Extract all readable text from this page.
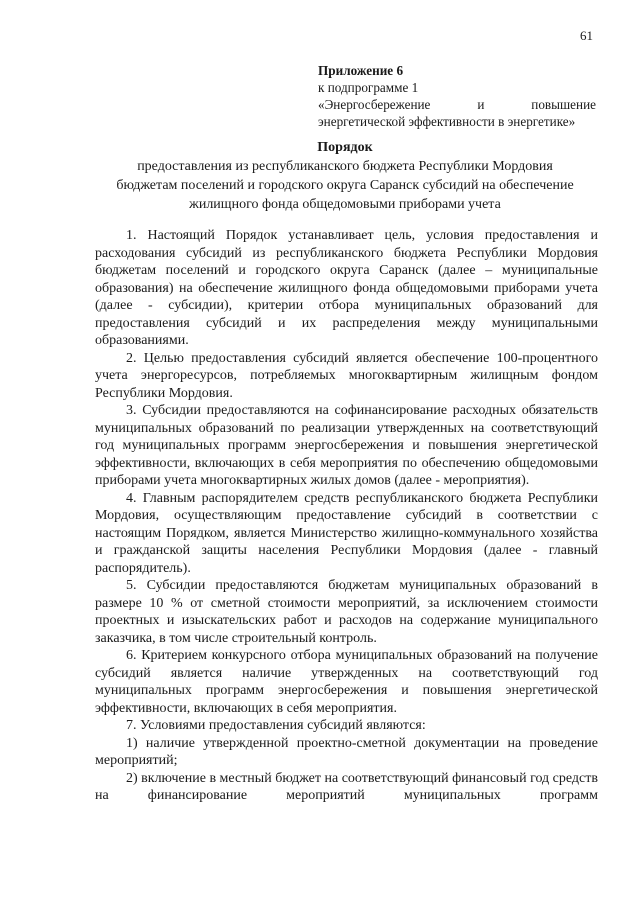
61
Приложение 6
к подпрограмме 1
«Энергосбережение и повышение
энергетической эффективности в энергетике»
Порядок
предоставления из республиканского бюджета Республики Мордовия
бюджетам поселений и городского округа Саранск субсидий на обеспечение
жилищного фонда общедомовыми приборами учета

1. Настоящий Порядок устанавливает цель, условия предоставления и расходования субсидий из республиканского бюджета Республики Мордовия бюджетам поселений и городского округа Саранск (далее – муниципальные образования) на обеспечение жилищного фонда общедомовыми приборами учета (далее - субсидии), критерии отбора муниципальных образований для предоставления субсидий и их распределения между муниципальными образованиями.

2. Целью предоставления субсидий является обеспечение 100-процентного учета энергоресурсов, потребляемых многоквартирным жилищным фондом Республики Мордовия.

3. Субсидии предоставляются на софинансирование расходных обязательств муниципальных образований по реализации утвержденных на соответствующий год муниципальных программ энергосбережения и повышения энергетической эффективности, включающих в себя мероприятия по обеспечению общедомовыми приборами учета многоквартирных жилых домов (далее - мероприятия).

4. Главным распорядителем средств республиканского бюджета Республики Мордовия, осуществляющим предоставление субсидий в соответствии с настоящим Порядком, является Министерство жилищно-коммунального хозяйства и гражданской защиты населения Республики Мордовия (далее - главный распорядитель).

5. Субсидии предоставляются бюджетам муниципальных образований в размере 10 % от сметной стоимости мероприятий, за исключением стоимости проектных и изыскательских работ и расходов на содержание муниципального заказчика, в том числе строительный контроль.

6. Критерием конкурсного отбора муниципальных образований на получение субсидий является наличие утвержденных на соответствующий год муниципальных программ энергосбережения и повышения энергетической эффективности, включающих в себя мероприятия.

7. Условиями предоставления субсидий являются:

1) наличие утвержденной проектно-сметной документации на проведение мероприятий;

2) включение в местный бюджет на соответствующий финансовый год средств на финансирование мероприятий муниципальных программ
